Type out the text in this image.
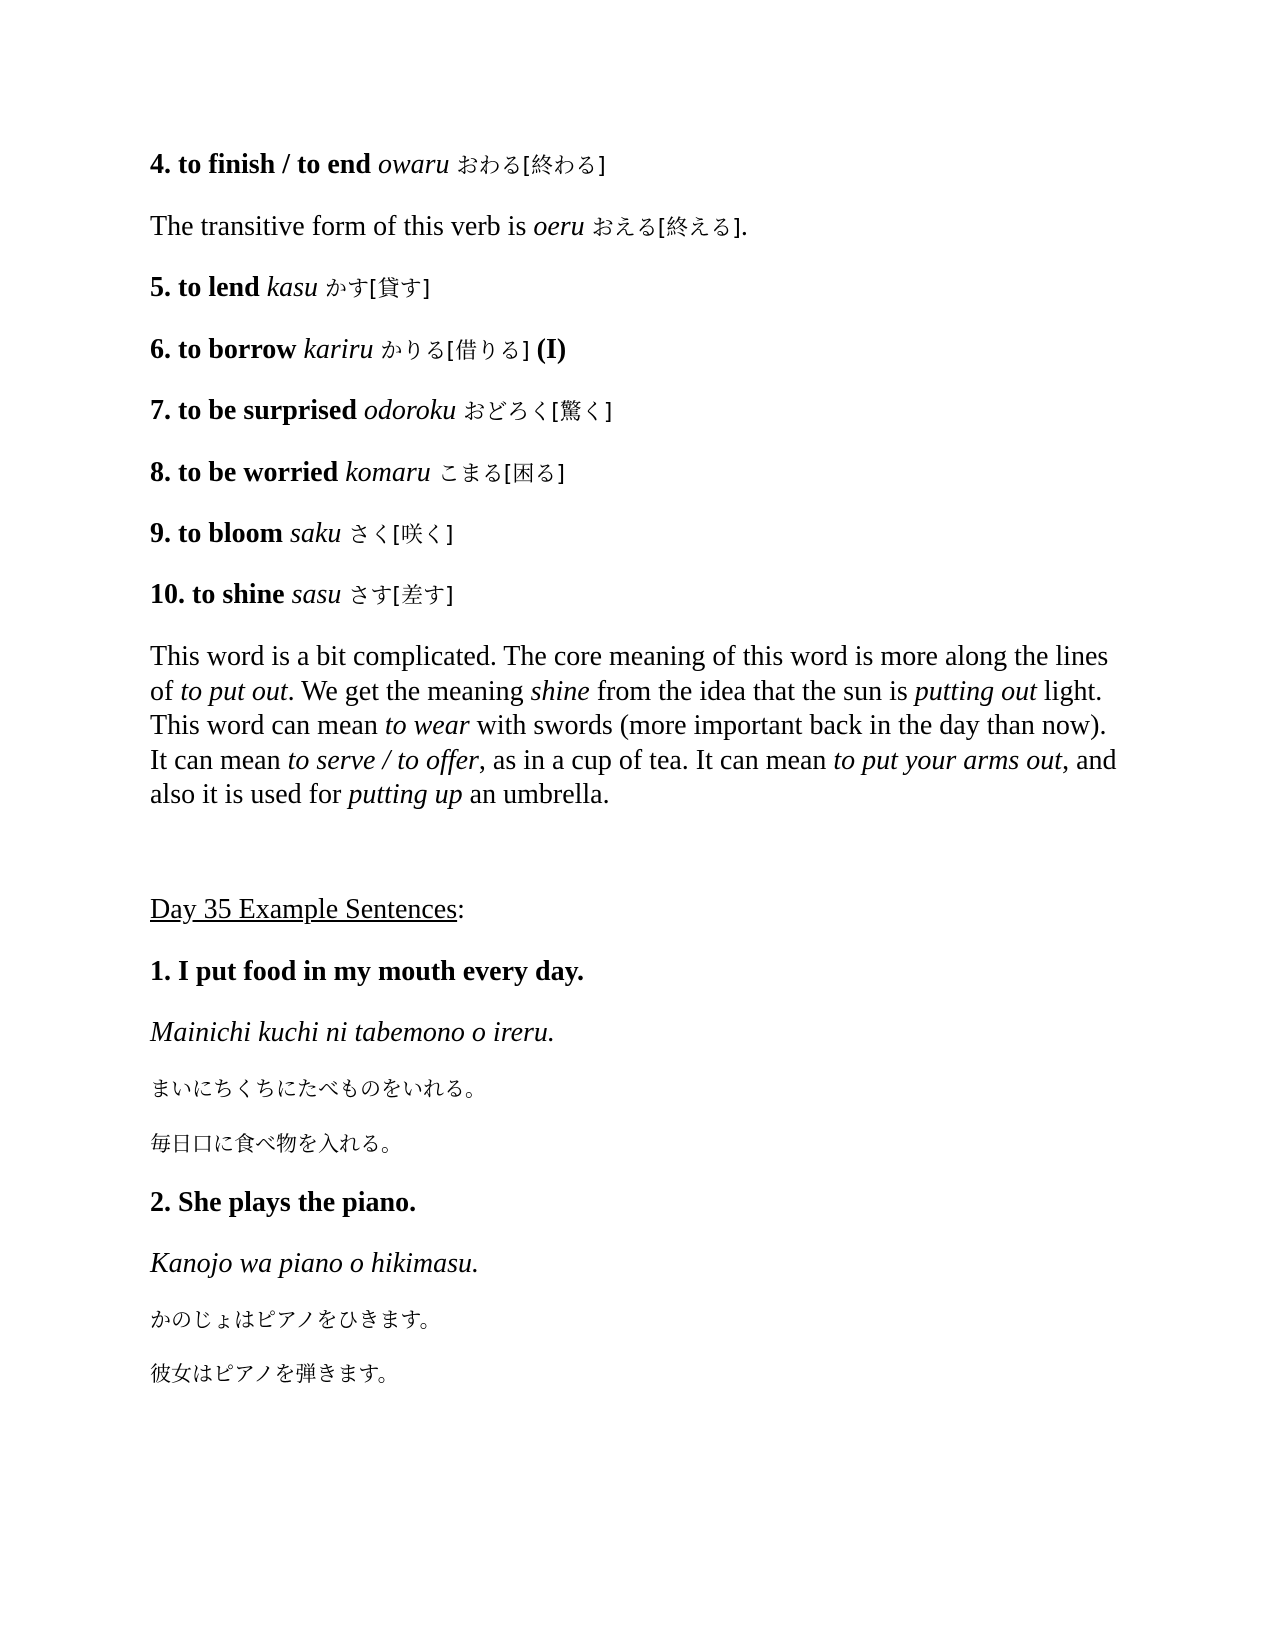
4. to finish / to end owaru おわる[終わる]
The transitive form of this verb is oeru おえる[終える].
5. to lend kasu かす[貸す]
6. to borrow kariru かりる[借りる] (I)
7. to be surprised odoroku おどろく[驚く]
8. to be worried komaru こまる[困る]
9. to bloom saku さく[咲く]
10. to shine sasu さす[差す]
This word is a bit complicated. The core meaning of this word is more along the lines of to put out. We get the meaning shine from the idea that the sun is putting out light. This word can mean to wear with swords (more important back in the day than now). It can mean to serve / to offer, as in a cup of tea. It can mean to put your arms out, and also it is used for putting up an umbrella.
Day 35 Example Sentences:
1. I put food in my mouth every day.
Mainichi kuchi ni tabemono o ireru.
まいにちくちにたべものをいれる。
毎日口に食べ物を入れる。
2. She plays the piano.
Kanojo wa piano o hikimasu.
かのじょはピアノをひきます。
彼女はピアノを弾きます。
